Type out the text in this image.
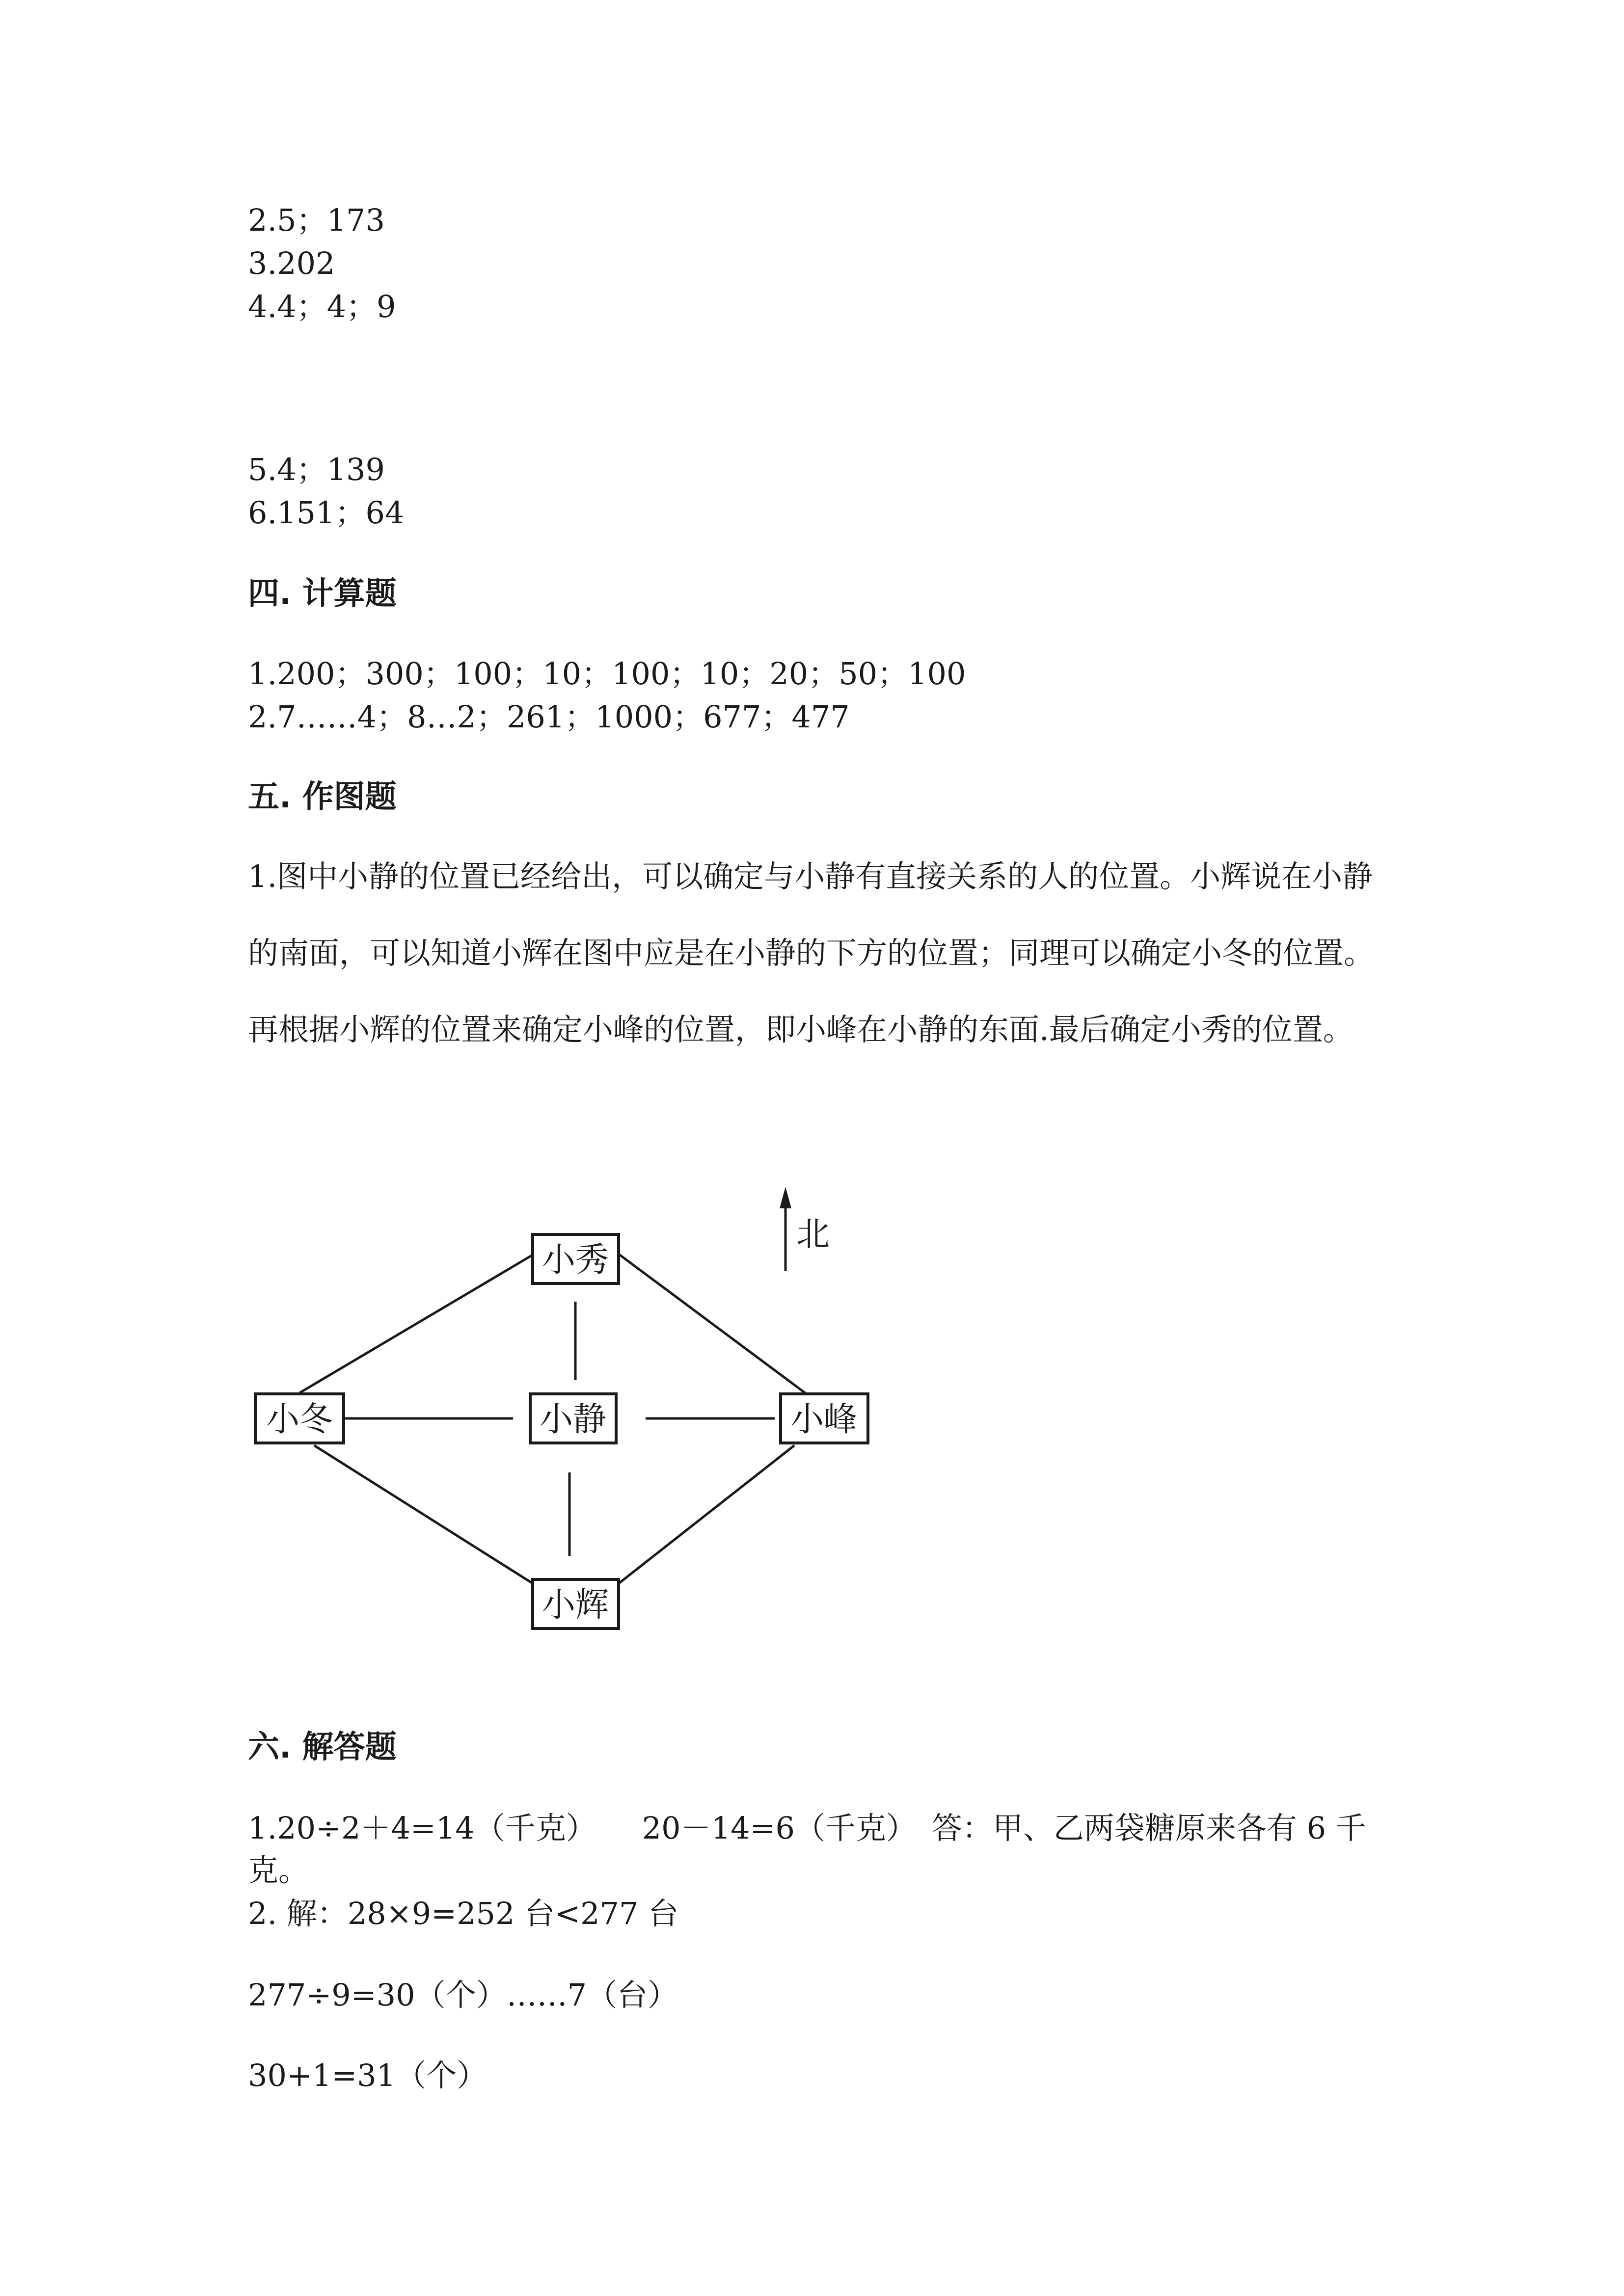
2.5；173

3.202

4.4；4；9

5.4；139

6.151；64

四. 计算题

1.200；300；100；10；100；10；20；50；100

2.7……4；8…2；261；1000；677；477

五. 作图题

1.图中小静的位置已经给出，可以确定与小静有直接关系的人的位置。小辉说在小静的南面，可以知道小辉在图中应是在小静的下方的位置；同理可以确定小冬的位置。再根据小辉的位置来确定小峰的位置，即小峰在小静的东面.最后确定小秀的位置。

北
小秀
小冬	小静	小峰
小辉
六. 解答题

1.20÷2＋4=14（千克）　　20－14=6（千克）　答：甲、乙两袋糖原来各有 6 千克。

2. 解：28×9=252 台<277 台

277÷9=30（个）……7（台）

30+1=31（个）
